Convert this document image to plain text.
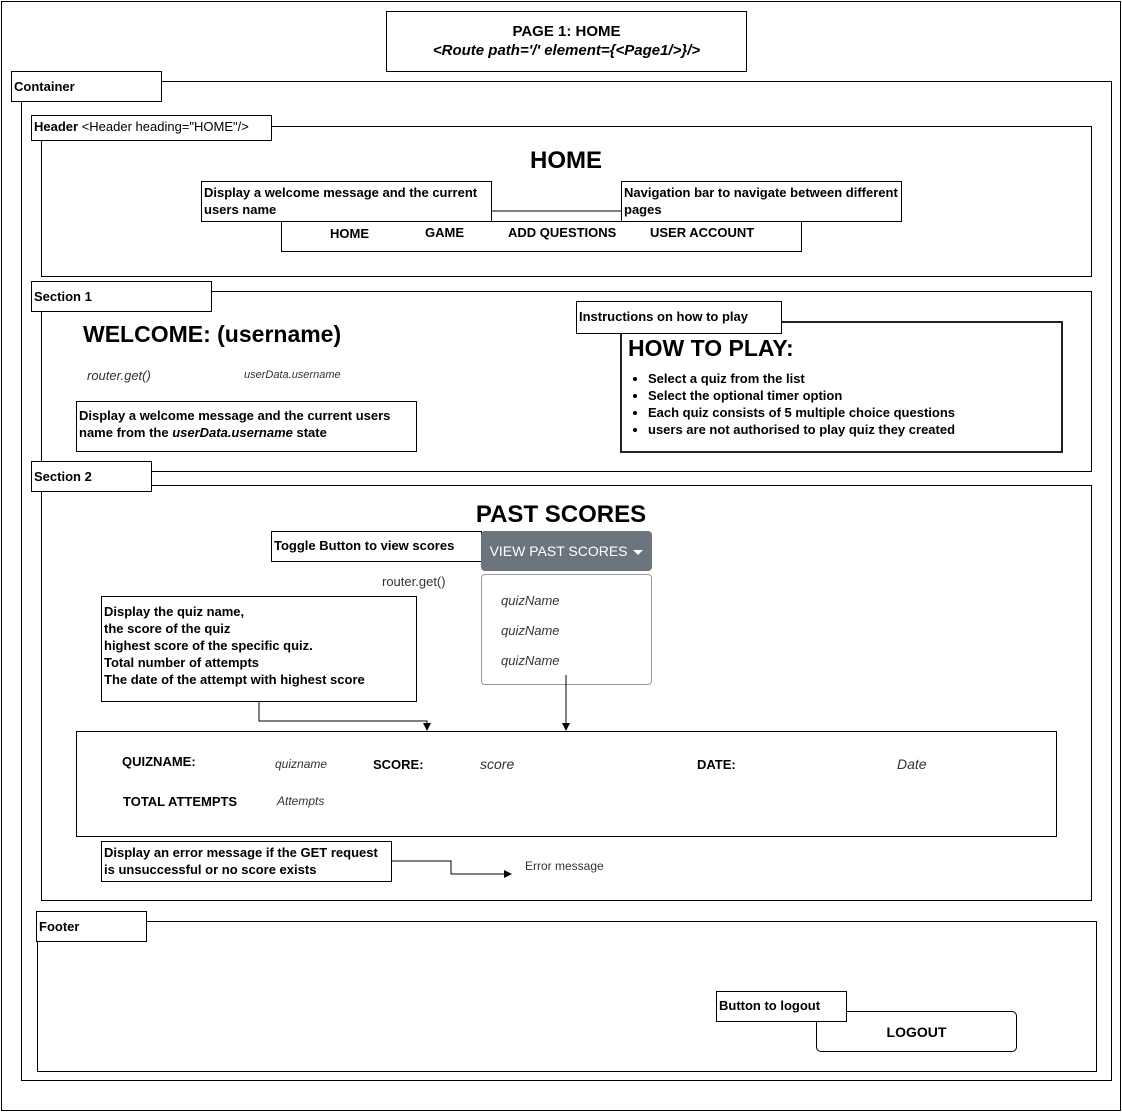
PAGE 1: HOME
<Route path='/' element={<Page1/>}/>
Container
Header <Header heading="HOME"/>
HOME
HOME	GAME	ADD QUESTIONS	USER ACCOUNT
Display a welcome message and the current users name
Navigation bar to navigate between different pages
Section 1
WELCOME: (username)
router.get()	userData.username
Display a welcome message and the current users name from the userData.username state
HOW TO PLAY:
• Select a quiz from the list
• Select the optional timer option
• Each quiz consists of 5 multiple choice questions
• users are not authorised to play quiz they created
Instructions on how to play
Section 2
PAST SCORES
Toggle Button to view scores	VIEW PAST SCORES
router.get()
quizName
quizName
quizName
Display the quiz name,
the score of the quiz
highest score of the specific quiz.
Total number of attempts
The date of the attempt with highest score
QUIZNAME:	quizname	SCORE:	score	DATE:	Date
TOTAL ATTEMPTS	Attempts
Display an error message if the GET request is unsuccessful or no score exists	Error message
Footer
LOGOUT
Button to logout
